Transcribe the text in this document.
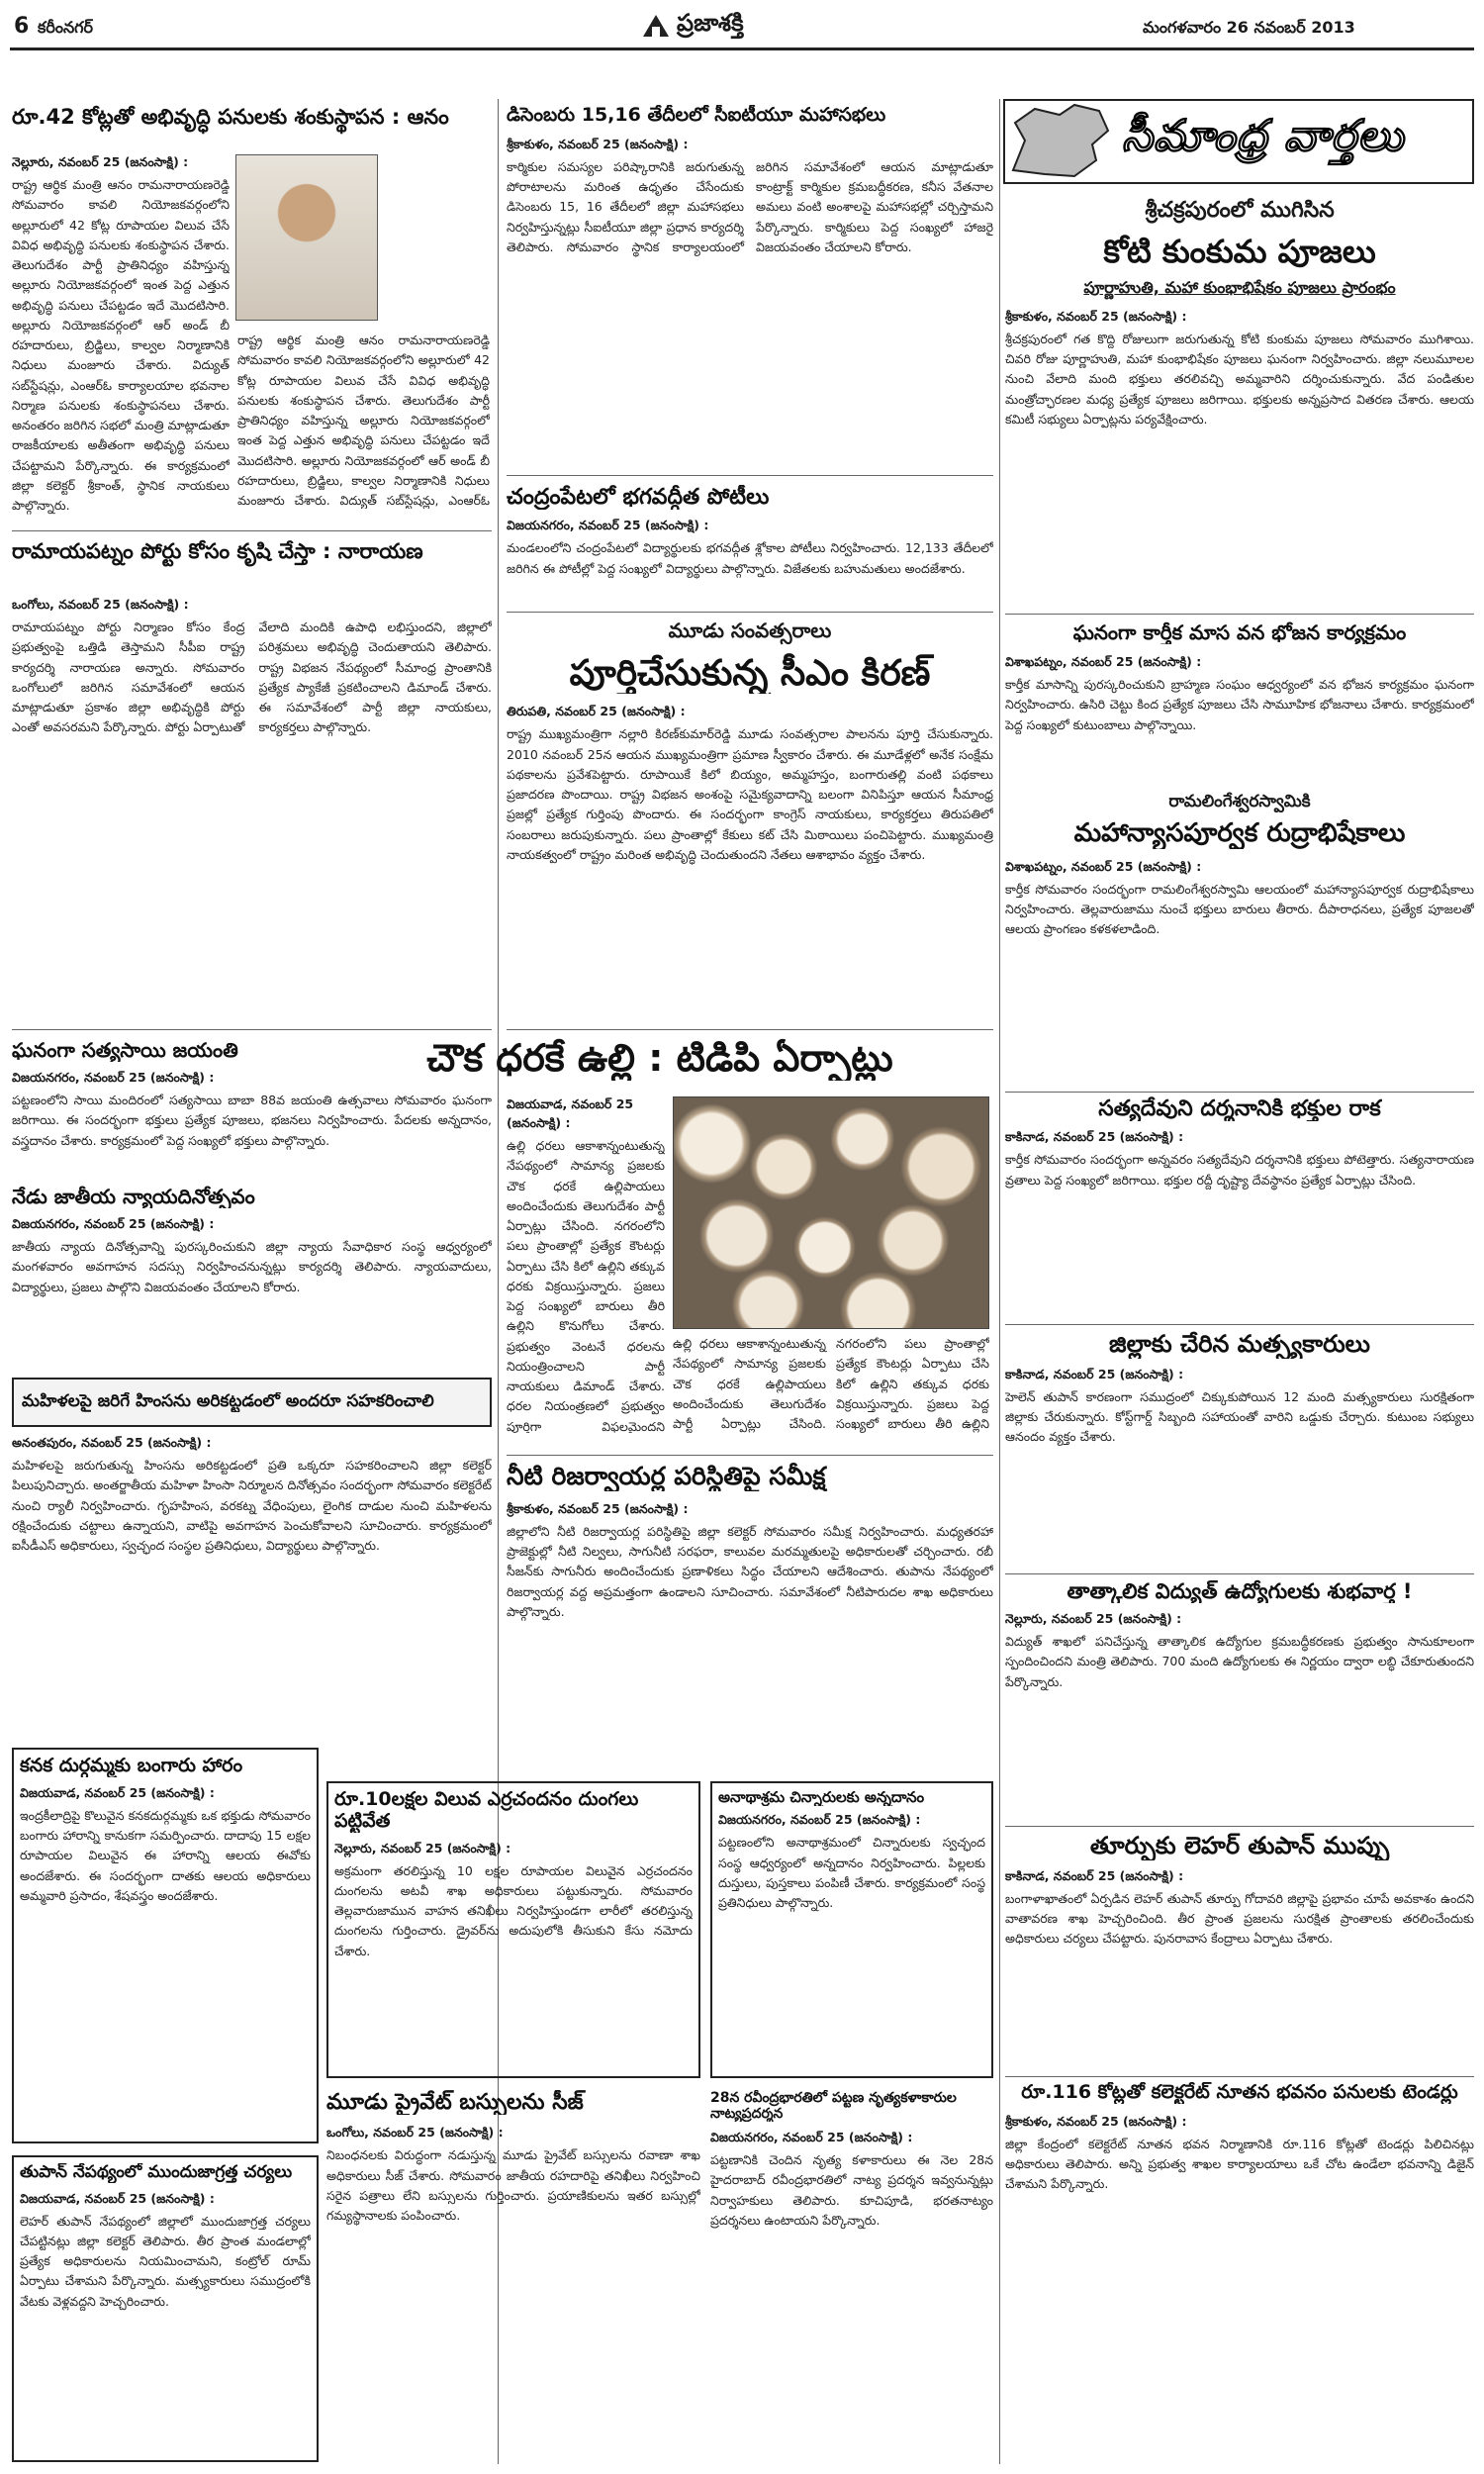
6 కరీంనగర్	ప్రజాశక్తి	మంగళవారం 26 నవంబర్ 2013
సీమాంధ్ర వార్తలు
రూ.42 కోట్లతో అభివృద్ధి పనులకు శంకుస్థాపన : ఆనం
నెల్లూరు, నవంబర్ 25 (జనంసాక్షి) :
రాష్ట్ర ఆర్థిక మంత్రి ఆనం రామనారాయణరెడ్డి సోమవారం కావలి నియోజకవర్గంలోని అల్లూరులో 42 కోట్ల రూపాయల విలువ చేసే వివిధ అభివృద్ధి పనులకు శంకుస్థాపన చేశారు. తెలుగుదేశం పార్టీ ప్రాతినిధ్యం వహిస్తున్న అల్లూరు నియోజకవర్గంలో ఇంత పెద్ద ఎత్తున అభివృద్ధి పనులు చేపట్టడం ఇదే మొదటిసారి. అల్లూరు నియోజకవర్గంలో ఆర్ అండ్ బీ రహదారులు, బ్రిడ్జిలు, కాల్వల నిర్మాణానికి నిధులు మంజూరు చేశారు. విద్యుత్ సబ్‌స్టేషన్లు, ఎంఆర్‌ఓ కార్యాలయాల భవనాల నిర్మాణ పనులకు శంకుస్థాపనలు చేశారు. అనంతరం జరిగిన సభలో మంత్రి మాట్లాడుతూ రాజకీయాలకు అతీతంగా అభివృద్ధి పనులు చేపట్టామని పేర్కొన్నారు. ఈ కార్యక్రమంలో జిల్లా కలెక్టర్ శ్రీకాంత్, స్థానిక నాయకులు పాల్గొన్నారు.
రాష్ట్ర ఆర్థిక మంత్రి ఆనం రామనారాయణరెడ్డి సోమవారం కావలి నియోజకవర్గంలోని అల్లూరులో 42 కోట్ల రూపాయల విలువ చేసే వివిధ అభివృద్ధి పనులకు శంకుస్థాపన చేశారు. తెలుగుదేశం పార్టీ ప్రాతినిధ్యం వహిస్తున్న అల్లూరు నియోజకవర్గంలో ఇంత పెద్ద ఎత్తున అభివృద్ధి పనులు చేపట్టడం ఇదే మొదటిసారి. అల్లూరు నియోజకవర్గంలో ఆర్ అండ్ బీ రహదారులు, బ్రిడ్జిలు, కాల్వల నిర్మాణానికి నిధులు మంజూరు చేశారు. విద్యుత్ సబ్‌స్టేషన్లు, ఎంఆర్‌ఓ
రామాయపట్నం పోర్టు కోసం కృషి చేస్తా : నారాయణ
ఒంగోలు, నవంబర్ 25 (జనంసాక్షి) :
రామాయపట్నం పోర్టు నిర్మాణం కోసం కేంద్ర ప్రభుత్వంపై ఒత్తిడి తెస్తామని సీపీఐ రాష్ట్ర కార్యదర్శి నారాయణ అన్నారు. సోమవారం ఒంగోలులో జరిగిన సమావేశంలో ఆయన మాట్లాడుతూ ప్రకాశం జిల్లా అభివృద్ధికి పోర్టు ఎంతో అవసరమని పేర్కొన్నారు. పోర్టు ఏర్పాటుతో వేలాది మందికి ఉపాధి లభిస్తుందని, జిల్లాలో పరిశ్రమలు అభివృద్ధి చెందుతాయని తెలిపారు. రాష్ట్ర విభజన నేపథ్యంలో సీమాంధ్ర ప్రాంతానికి ప్రత్యేక ప్యాకేజీ ప్రకటించాలని డిమాండ్ చేశారు. ఈ సమావేశంలో పార్టీ జిల్లా నాయకులు, కార్యకర్తలు పాల్గొన్నారు.
ఘనంగా సత్యసాయి జయంతి
విజయనగరం, నవంబర్ 25 (జనంసాక్షి) :
పట్టణంలోని సాయి మందిరంలో సత్యసాయి బాబా 88వ జయంతి ఉత్సవాలు సోమవారం ఘనంగా జరిగాయి. ఈ సందర్భంగా భక్తులు ప్రత్యేక పూజలు, భజనలు నిర్వహించారు. పేదలకు అన్నదానం, వస్త్రదానం చేశారు. కార్యక్రమంలో పెద్ద సంఖ్యలో భక్తులు పాల్గొన్నారు.
నేడు జాతీయ న్యాయదినోత్సవం
విజయనగరం, నవంబర్ 25 (జనంసాక్షి) :
జాతీయ న్యాయ దినోత్సవాన్ని పురస్కరించుకుని జిల్లా న్యాయ సేవాధికార సంస్థ ఆధ్వర్యంలో మంగళవారం అవగాహన సదస్సు నిర్వహించనున్నట్లు కార్యదర్శి తెలిపారు. న్యాయవాదులు, విద్యార్థులు, ప్రజలు పాల్గొని విజయవంతం చేయాలని కోరారు.
మహిళలపై జరిగే హింసను అరికట్టడంలో అందరూ సహకరించాలి
అనంతపురం, నవంబర్ 25 (జనంసాక్షి) :
మహిళలపై జరుగుతున్న హింసను అరికట్టడంలో ప్రతి ఒక్కరూ సహకరించాలని జిల్లా కలెక్టర్ పిలుపునిచ్చారు. అంతర్జాతీయ మహిళా హింసా నిర్మూలన దినోత్సవం సందర్భంగా సోమవారం కలెక్టరేట్ నుంచి ర్యాలీ నిర్వహించారు. గృహహింస, వరకట్న వేధింపులు, లైంగిక దాడుల నుంచి మహిళలను రక్షించేందుకు చట్టాలు ఉన్నాయని, వాటిపై అవగాహన పెంచుకోవాలని సూచించారు. కార్యక్రమంలో ఐసీడీఎస్ అధికారులు, స్వచ్ఛంద సంస్థల ప్రతినిధులు, విద్యార్థులు పాల్గొన్నారు.
కనక దుర్గమ్మకు బంగారు హారం
విజయవాడ, నవంబర్ 25 (జనంసాక్షి) :
ఇంద్రకీలాద్రిపై కొలువైన కనకదుర్గమ్మకు ఒక భక్తుడు సోమవారం బంగారు హారాన్ని కానుకగా సమర్పించారు. దాదాపు 15 లక్షల రూపాయల విలువైన ఈ హారాన్ని ఆలయ ఈవోకు అందజేశారు. ఈ సందర్భంగా దాతకు ఆలయ అధికారులు అమ్మవారి ప్రసాదం, శేషవస్త్రం అందజేశారు.
తుపాన్ నేపథ్యంలో ముందుజాగ్రత్త చర్యలు
విజయవాడ, నవంబర్ 25 (జనంసాక్షి) :
లెహర్ తుపాన్ నేపథ్యంలో జిల్లాలో ముందుజాగ్రత్త చర్యలు చేపట్టినట్లు జిల్లా కలెక్టర్ తెలిపారు. తీర ప్రాంత మండలాల్లో ప్రత్యేక అధికారులను నియమించామని, కంట్రోల్ రూమ్ ఏర్పాటు చేశామని పేర్కొన్నారు. మత్స్యకారులు సముద్రంలోకి వేటకు వెళ్లవద్దని హెచ్చరించారు.
డిసెంబరు 15,16 తేదీలలో సీఐటీయూ మహాసభలు
శ్రీకాకుళం, నవంబర్ 25 (జనంసాక్షి) :
కార్మికుల సమస్యల పరిష్కారానికి జరుగుతున్న పోరాటాలను మరింత ఉధృతం చేసేందుకు డిసెంబరు 15, 16 తేదీలలో జిల్లా మహాసభలు నిర్వహిస్తున్నట్లు సీఐటీయూ జిల్లా ప్రధాన కార్యదర్శి తెలిపారు. సోమవారం స్థానిక కార్యాలయంలో జరిగిన సమావేశంలో ఆయన మాట్లాడుతూ కాంట్రాక్ట్ కార్మికుల క్రమబద్ధీకరణ, కనీస వేతనాల అమలు వంటి అంశాలపై మహాసభల్లో చర్చిస్తామని పేర్కొన్నారు. కార్మికులు పెద్ద సంఖ్యలో హాజరై విజయవంతం చేయాలని కోరారు.
చంద్రంపేటలో భగవద్గీత పోటీలు
విజయనగరం, నవంబర్ 25 (జనంసాక్షి) :
మండలంలోని చంద్రంపేటలో విద్యార్థులకు భగవద్గీత శ్లోకాల పోటీలు నిర్వహించారు. 12,133 తేదీలలో జరిగిన ఈ పోటీల్లో పెద్ద సంఖ్యలో విద్యార్థులు పాల్గొన్నారు. విజేతలకు బహుమతులు అందజేశారు.
మూడు సంవత్సరాలు
పూర్తిచేసుకున్న సీఎం కిరణ్
తిరుపతి, నవంబర్ 25 (జనంసాక్షి) :
రాష్ట్ర ముఖ్యమంత్రిగా నల్లారి కిరణ్‌కుమార్‌రెడ్డి మూడు సంవత్సరాల పాలనను పూర్తి చేసుకున్నారు. 2010 నవంబర్ 25న ఆయన ముఖ్యమంత్రిగా ప్రమాణ స్వీకారం చేశారు. ఈ మూడేళ్లలో అనేక సంక్షేమ పథకాలను ప్రవేశపెట్టారు. రూపాయికే కిలో బియ్యం, అమ్మహస్తం, బంగారుతల్లి వంటి పథకాలు ప్రజాదరణ పొందాయి. రాష్ట్ర విభజన అంశంపై సమైక్యవాదాన్ని బలంగా వినిపిస్తూ ఆయన సీమాంధ్ర ప్రజల్లో ప్రత్యేక గుర్తింపు పొందారు. ఈ సందర్భంగా కాంగ్రెస్ నాయకులు, కార్యకర్తలు తిరుపతిలో సంబరాలు జరుపుకున్నారు. పలు ప్రాంతాల్లో కేకులు కట్ చేసి మిఠాయిలు పంచిపెట్టారు. ముఖ్యమంత్రి నాయకత్వంలో రాష్ట్రం మరింత అభివృద్ధి చెందుతుందని నేతలు ఆశాభావం వ్యక్తం చేశారు.
చౌక ధరకే ఉల్లి : టిడిపి ఏర్పాట్లు
విజయవాడ, నవంబర్ 25 (జనంసాక్షి) :
ఉల్లి ధరలు ఆకాశాన్నంటుతున్న నేపథ్యంలో సామాన్య ప్రజలకు చౌక ధరకే ఉల్లిపాయలు అందించేందుకు తెలుగుదేశం పార్టీ ఏర్పాట్లు చేసింది. నగరంలోని పలు ప్రాంతాల్లో ప్రత్యేక కౌంటర్లు ఏర్పాటు చేసి కిలో ఉల్లిని తక్కువ ధరకు విక్రయిస్తున్నారు. ప్రజలు పెద్ద సంఖ్యలో బారులు తీరి ఉల్లిని కొనుగోలు చేశారు. ప్రభుత్వం వెంటనే ధరలను నియంత్రించాలని పార్టీ నాయకులు డిమాండ్ చేశారు. ధరల నియంత్రణలో ప్రభుత్వం పూర్తిగా విఫలమైందని
ఉల్లి ధరలు ఆకాశాన్నంటుతున్న నేపథ్యంలో సామాన్య ప్రజలకు చౌక ధరకే ఉల్లిపాయలు అందించేందుకు తెలుగుదేశం పార్టీ ఏర్పాట్లు చేసింది. నగరంలోని పలు ప్రాంతాల్లో ప్రత్యేక కౌంటర్లు ఏర్పాటు చేసి కిలో ఉల్లిని తక్కువ ధరకు విక్రయిస్తున్నారు. ప్రజలు పెద్ద సంఖ్యలో బారులు తీరి ఉల్లిని
నీటి రిజర్వాయర్ల పరిస్థితిపై సమీక్ష
శ్రీకాకుళం, నవంబర్ 25 (జనంసాక్షి) :
జిల్లాలోని నీటి రిజర్వాయర్ల పరిస్థితిపై జిల్లా కలెక్టర్ సోమవారం సమీక్ష నిర్వహించారు. మధ్యతరహా ప్రాజెక్టుల్లో నీటి నిల్వలు, సాగునీటి సరఫరా, కాలువల మరమ్మతులపై అధికారులతో చర్చించారు. రబీ సీజన్‌కు సాగునీరు అందించేందుకు ప్రణాళికలు సిద్ధం చేయాలని ఆదేశించారు. తుపాను నేపథ్యంలో రిజర్వాయర్ల వద్ద అప్రమత్తంగా ఉండాలని సూచించారు. సమావేశంలో నీటిపారుదల శాఖ అధికారులు పాల్గొన్నారు.
రూ.10లక్షల విలువ ఎర్రచందనం దుంగలు పట్టివేత
నెల్లూరు, నవంబర్ 25 (జనంసాక్షి) :
అక్రమంగా తరలిస్తున్న 10 లక్షల రూపాయల విలువైన ఎర్రచందనం దుంగలను అటవీ శాఖ అధికారులు పట్టుకున్నారు. సోమవారం తెల్లవారుజామున వాహన తనిఖీలు నిర్వహిస్తుండగా లారీలో తరలిస్తున్న దుంగలను గుర్తించారు. డ్రైవర్‌ను అదుపులోకి తీసుకుని కేసు నమోదు చేశారు.
అనాథాశ్రమ చిన్నారులకు అన్నదానం
విజయనగరం, నవంబర్ 25 (జనంసాక్షి) :
పట్టణంలోని అనాథాశ్రమంలో చిన్నారులకు స్వచ్ఛంద సంస్థ ఆధ్వర్యంలో అన్నదానం నిర్వహించారు. పిల్లలకు దుస్తులు, పుస్తకాలు పంపిణీ చేశారు. కార్యక్రమంలో సంస్థ ప్రతినిధులు పాల్గొన్నారు.
మూడు ప్రైవేట్ బస్సులను సీజ్
ఒంగోలు, నవంబర్ 25 (జనంసాక్షి) :
నిబంధనలకు విరుద్ధంగా నడుస్తున్న మూడు ప్రైవేట్ బస్సులను రవాణా శాఖ అధికారులు సీజ్ చేశారు. సోమవారం జాతీయ రహదారిపై తనిఖీలు నిర్వహించి సరైన పత్రాలు లేని బస్సులను గుర్తించారు. ప్రయాణికులను ఇతర బస్సుల్లో గమ్యస్థానాలకు పంపించారు.
28న రవీంద్రభారతిలో పట్టణ నృత్యకళాకారుల నాట్యప్రదర్శన
విజయనగరం, నవంబర్ 25 (జనంసాక్షి) :
పట్టణానికి చెందిన నృత్య కళాకారులు ఈ నెల 28న హైదరాబాద్ రవీంద్రభారతిలో నాట్య ప్రదర్శన ఇవ్వనున్నట్లు నిర్వాహకులు తెలిపారు. కూచిపూడి, భరతనాట్యం ప్రదర్శనలు ఉంటాయని పేర్కొన్నారు.
శ్రీచక్రపురంలో ముగిసిన
కోటి కుంకుమ పూజలు
పూర్ణాహుతి, మహా కుంభాభిషేకం పూజలు ప్రారంభం
శ్రీకాకుళం, నవంబర్ 25 (జనంసాక్షి) :
శ్రీచక్రపురంలో గత కొద్ది రోజులుగా జరుగుతున్న కోటి కుంకుమ పూజలు సోమవారం ముగిశాయి. చివరి రోజు పూర్ణాహుతి, మహా కుంభాభిషేకం పూజలు ఘనంగా నిర్వహించారు. జిల్లా నలుమూలల నుంచి వేలాది మంది భక్తులు తరలివచ్చి అమ్మవారిని దర్శించుకున్నారు. వేద పండితుల మంత్రోచ్ఛారణల మధ్య ప్రత్యేక పూజలు జరిగాయి. భక్తులకు అన్నప్రసాద వితరణ చేశారు. ఆలయ కమిటీ సభ్యులు ఏర్పాట్లను పర్యవేక్షించారు.
ఘనంగా కార్తీక మాస వన భోజన కార్యక్రమం
విశాఖపట్నం, నవంబర్ 25 (జనంసాక్షి) :
కార్తీక మాసాన్ని పురస్కరించుకుని బ్రాహ్మణ సంఘం ఆధ్వర్యంలో వన భోజన కార్యక్రమం ఘనంగా నిర్వహించారు. ఉసిరి చెట్టు కింద ప్రత్యేక పూజలు చేసి సామూహిక భోజనాలు చేశారు. కార్యక్రమంలో పెద్ద సంఖ్యలో కుటుంబాలు పాల్గొన్నాయి.
రామలింగేశ్వరస్వామికి
మహాన్యాసపూర్వక రుద్రాభిషేకాలు
విశాఖపట్నం, నవంబర్ 25 (జనంసాక్షి) :
కార్తీక సోమవారం సందర్భంగా రామలింగేశ్వరస్వామి ఆలయంలో మహాన్యాసపూర్వక రుద్రాభిషేకాలు నిర్వహించారు. తెల్లవారుజాము నుంచే భక్తులు బారులు తీరారు. దీపారాధనలు, ప్రత్యేక పూజలతో ఆలయ ప్రాంగణం కళకళలాడింది.
సత్యదేవుని దర్శనానికి భక్తుల రాక
కాకినాడ, నవంబర్ 25 (జనంసాక్షి) :
కార్తీక సోమవారం సందర్భంగా అన్నవరం సత్యదేవుని దర్శనానికి భక్తులు పోటెత్తారు. సత్యనారాయణ వ్రతాలు పెద్ద సంఖ్యలో జరిగాయి. భక్తుల రద్దీ దృష్ట్యా దేవస్థానం ప్రత్యేక ఏర్పాట్లు చేసింది.
జిల్లాకు చేరిన మత్స్యకారులు
కాకినాడ, నవంబర్ 25 (జనంసాక్షి) :
హెలెన్ తుపాన్ కారణంగా సముద్రంలో చిక్కుకుపోయిన 12 మంది మత్స్యకారులు సురక్షితంగా జిల్లాకు చేరుకున్నారు. కోస్ట్‌గార్డ్ సిబ్బంది సహాయంతో వారిని ఒడ్డుకు చేర్చారు. కుటుంబ సభ్యులు ఆనందం వ్యక్తం చేశారు.
తాత్కాలిక విద్యుత్ ఉద్యోగులకు శుభవార్త !
నెల్లూరు, నవంబర్ 25 (జనంసాక్షి) :
విద్యుత్ శాఖలో పనిచేస్తున్న తాత్కాలిక ఉద్యోగుల క్రమబద్ధీకరణకు ప్రభుత్వం సానుకూలంగా స్పందించిందని మంత్రి తెలిపారు. 700 మంది ఉద్యోగులకు ఈ నిర్ణయం ద్వారా లబ్ధి చేకూరుతుందని పేర్కొన్నారు.
తూర్పుకు లెహర్ తుపాన్ ముప్పు
కాకినాడ, నవంబర్ 25 (జనంసాక్షి) :
బంగాళాఖాతంలో ఏర్పడిన లెహర్ తుపాన్ తూర్పు గోదావరి జిల్లాపై ప్రభావం చూపే అవకాశం ఉందని వాతావరణ శాఖ హెచ్చరించింది. తీర ప్రాంత ప్రజలను సురక్షిత ప్రాంతాలకు తరలించేందుకు అధికారులు చర్యలు చేపట్టారు. పునరావాస కేంద్రాలు ఏర్పాటు చేశారు.
రూ.116 కోట్లతో కలెక్టరేట్ నూతన భవనం పనులకు టెండర్లు
శ్రీకాకుళం, నవంబర్ 25 (జనంసాక్షి) :
జిల్లా కేంద్రంలో కలెక్టరేట్ నూతన భవన నిర్మాణానికి రూ.116 కోట్లతో టెండర్లు పిలిచినట్లు అధికారులు తెలిపారు. అన్ని ప్రభుత్వ శాఖల కార్యాలయాలు ఒకే చోట ఉండేలా భవనాన్ని డిజైన్ చేశామని పేర్కొన్నారు.
